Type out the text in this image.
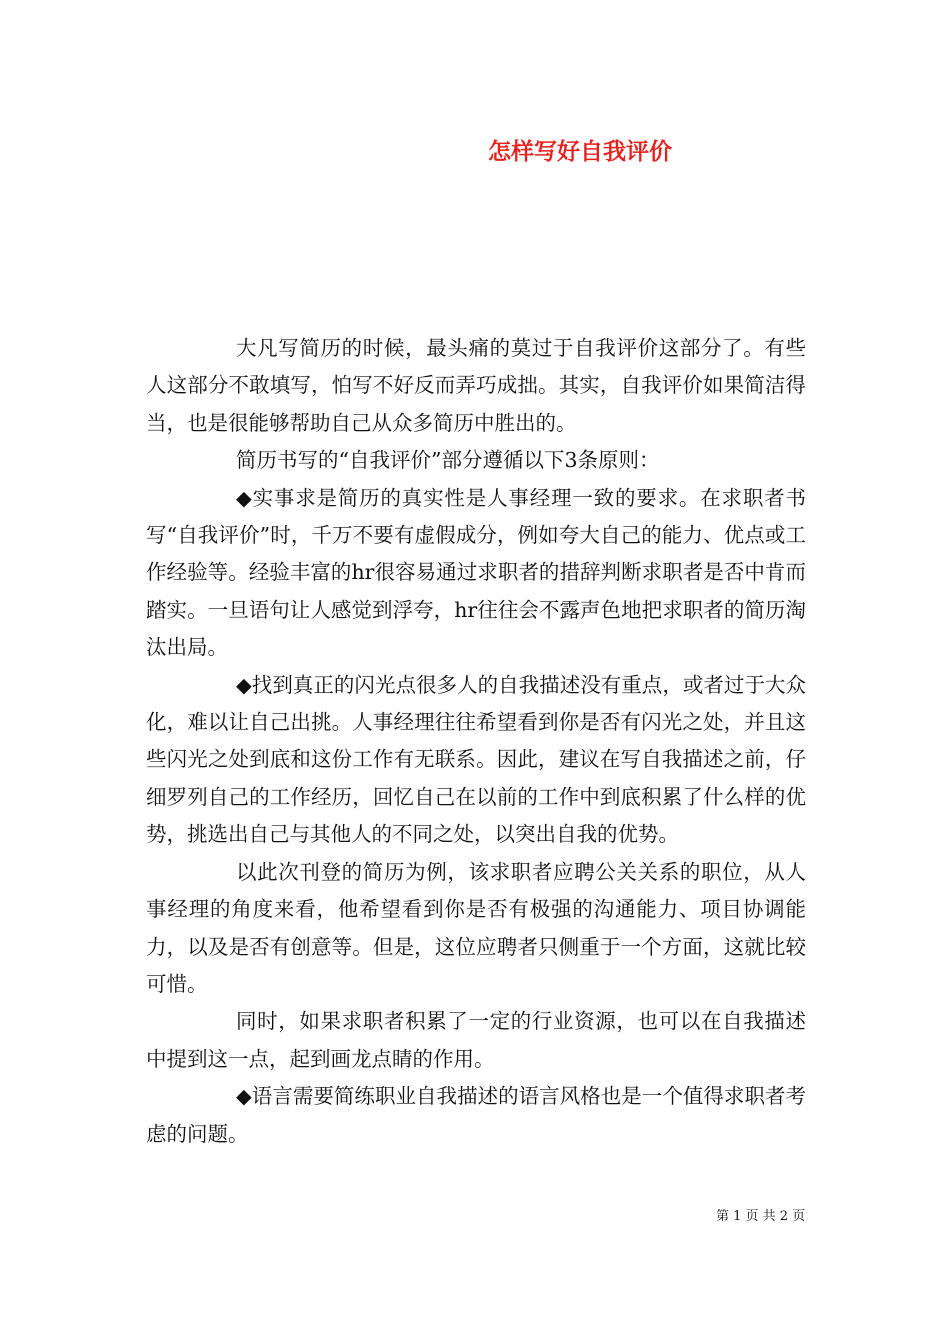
怎样写好自我评价

大凡写简历的时候，最头痛的莫过于自我评价这部分了。有些人这部分不敢填写，怕写不好反而弄巧成拙。其实，自我评价如果简洁得当，也是很能够帮助自己从众多简历中胜出的。

简历书写的“自我评价”部分遵循以下3条原则：

◆实事求是简历的真实性是人事经理一致的要求。在求职者书写“自我评价”时，千万不要有虚假成分，例如夸大自己的能力、优点或工作经验等。经验丰富的hr很容易通过求职者的措辞判断求职者是否中肯而踏实。一旦语句让人感觉到浮夸，hr往往会不露声色地把求职者的简历淘汰出局。

◆找到真正的闪光点很多人的自我描述没有重点，或者过于大众化，难以让自己出挑。人事经理往往希望看到你是否有闪光之处，并且这些闪光之处到底和这份工作有无联系。因此，建议在写自我描述之前，仔细罗列自己的工作经历，回忆自己在以前的工作中到底积累了什么样的优势，挑选出自己与其他人的不同之处，以突出自我的优势。

以此次刊登的简历为例，该求职者应聘公关关系的职位，从人事经理的角度来看，他希望看到你是否有极强的沟通能力、项目协调能力，以及是否有创意等。但是，这位应聘者只侧重于一个方面，这就比较可惜。

同时，如果求职者积累了一定的行业资源，也可以在自我描述中提到这一点，起到画龙点睛的作用。

◆语言需要简练职业自我描述的语言风格也是一个值得求职者考虑的问题。

第 1 页 共 2 页
